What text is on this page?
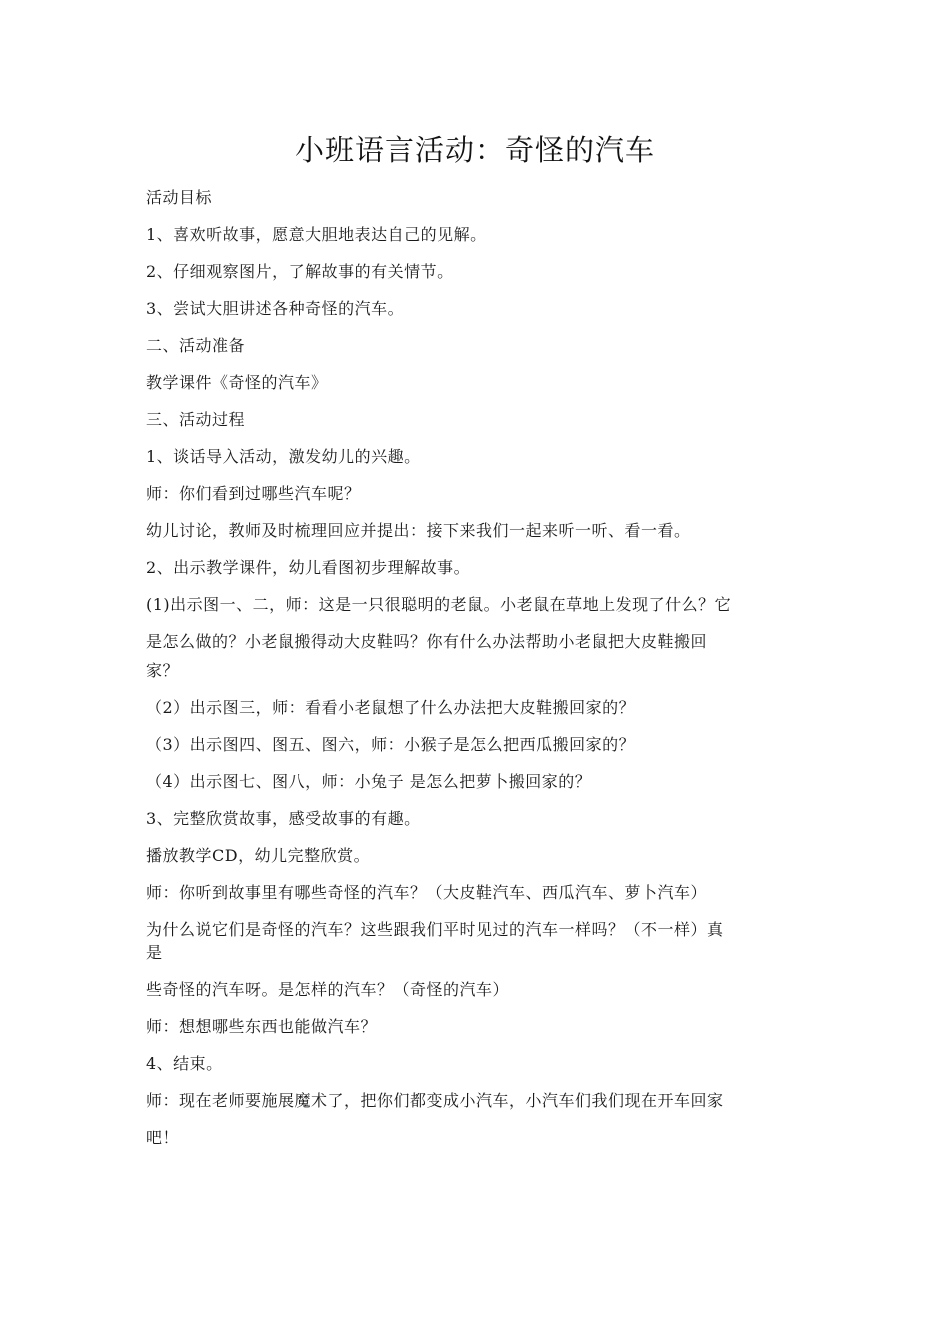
小班语言活动：奇怪的汽车

活动目标

1、喜欢听故事，愿意大胆地表达自己的见解。

2、仔细观察图片，了解故事的有关情节。

3、尝试大胆讲述各种奇怪的汽车。

二、活动准备

教学课件《奇怪的汽车》

三、活动过程

1、谈话导入活动，激发幼儿的兴趣。

师：你们看到过哪些汽车呢？

幼儿讨论，教师及时梳理回应并提出：接下来我们一起来听一听、看一看。

2、出示教学课件，幼儿看图初步理解故事。

(1)出示图一、二，师：这是一只很聪明的老鼠。小老鼠在草地上发现了什么？它

是怎么做的？小老鼠搬得动大皮鞋吗？你有什么办法帮助小老鼠把大皮鞋搬回

家？

（2）出示图三，师：看看小老鼠想了什么办法把大皮鞋搬回家的？

（3）出示图四、图五、图六，师：小猴子是怎么把西瓜搬回家的？

（4）出示图七、图八，师：小兔子 是怎么把萝卜搬回家的？

3、完整欣赏故事，感受故事的有趣。

播放教学CD，幼儿完整欣赏。

师：你听到故事里有哪些奇怪的汽车？（大皮鞋汽车、西瓜汽车、萝卜汽车）

为什么说它们是奇怪的汽车？这些跟我们平时见过的汽车一样吗？（不一样）真

是

些奇怪的汽车呀。是怎样的汽车？（奇怪的汽车）

师：想想哪些东西也能做汽车？

4、结束。

师：现在老师要施展魔术了，把你们都变成小汽车，小汽车们我们现在开车回家

吧！
